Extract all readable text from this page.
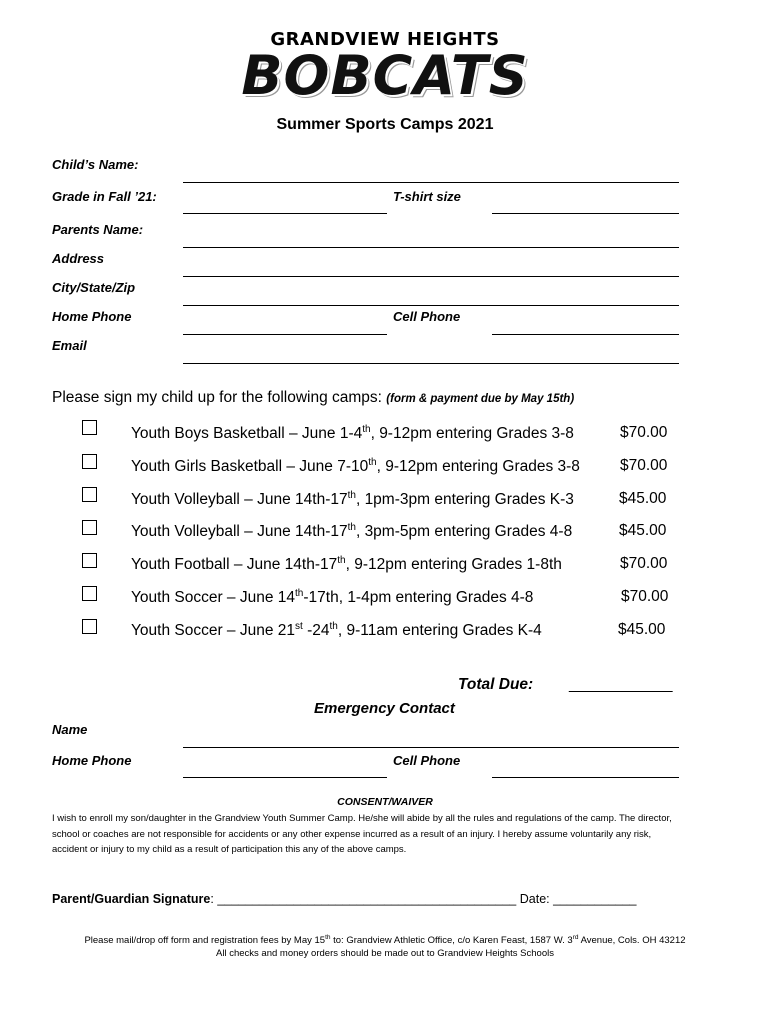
GRANDVIEW HEIGHTS
BOBCATS
Summer Sports Camps 2021
Child’s Name:
Grade in Fall ’21:	T-shirt size
Parents Name:
Address
City/State/Zip
Home Phone	Cell Phone
Email
Please sign my child up for the following camps: (form & payment due by May 15th)
Youth Boys Basketball – June 1-4th, 9-12pm entering Grades 3-8	$70.00
Youth Girls Basketball – June 7-10th, 9-12pm entering Grades 3-8	$70.00
Youth Volleyball – June 14th-17th, 1pm-3pm entering Grades K-3	$45.00
Youth Volleyball – June 14th-17th, 3pm-5pm entering Grades 4-8	$45.00
Youth Football – June 14th-17th, 9-12pm entering Grades 1-8th	$70.00
Youth Soccer – June 14th-17th, 1-4pm entering Grades 4-8	$70.00
Youth Soccer – June 21st -24th, 9-11am entering Grades K-4	$45.00
Total Due: ____________
Emergency Contact
Name
Home Phone	Cell Phone
CONSENT/WAIVER
I wish to enroll my son/daughter in the Grandview Youth Summer Camp. He/she will abide by all the rules and regulations of the camp. The director, school or coaches are not responsible for accidents or any other expense incurred as a result of an injury. I hereby assume voluntarily any risk, accident or injury to my child as a result of participation this any of the above camps.
Parent/Guardian Signature: ___________________________________________ Date: ____________
Please mail/drop off form and registration fees by May 15th to: Grandview Athletic Office, c/o Karen Feast, 1587 W. 3rd Avenue, Cols. OH 43212
All checks and money orders should be made out to Grandview Heights Schools
